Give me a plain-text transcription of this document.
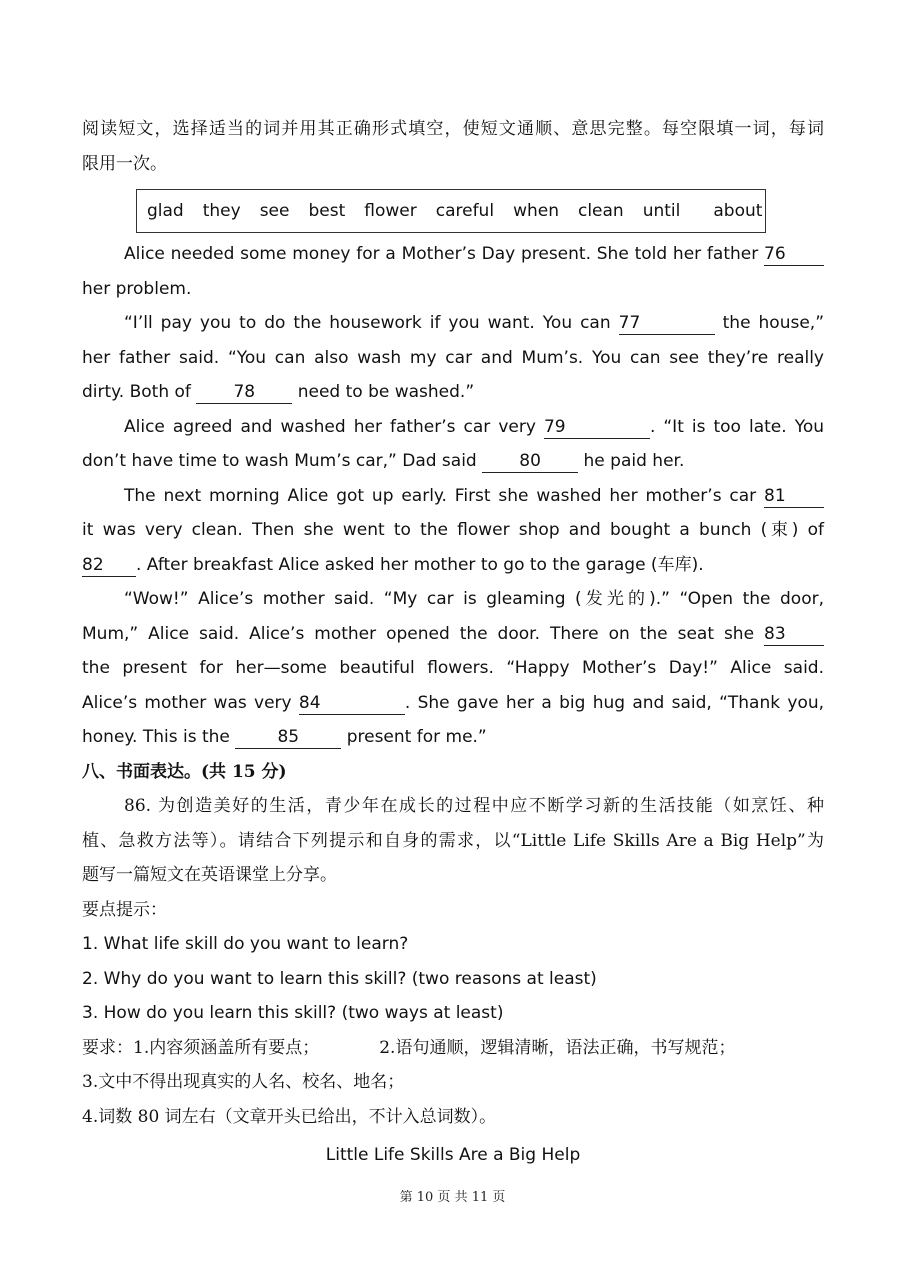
阅读短文，选择适当的词并用其正确形式填空，使短文通顺、意思完整。每空限填一词，每词

限用一次。

glad they see best flower careful when clean until about

Alice needed some money for a Mother’s Day present. She told her father 76

her problem.

“I’ll pay you to do the housework if you want. You can 77	the house,”

her father said. “You can also wash my car and Mum’s. You can see they’re really

dirty. Both of	78	need to be washed.”

Alice agreed and washed her father’s car very 79	. “It is too late. You

don’t have time to wash Mum’s car,” Dad said	80	he paid her.

The next morning Alice got up early. First she washed her mother’s car 81

it was very clean. Then she went to the flower shop and bought a bunch (束) of

82 . After breakfast Alice asked her mother to go to the garage (车库).

“Wow!” Alice’s mother said. “My car is gleaming (发光的).” “Open the door,

Mum,” Alice said. Alice’s mother opened the door. There on the seat she 83

the present for her—some beautiful flowers. “Happy Mother’s Day!” Alice said.

Alice’s mother was very 84	. She gave her a big hug and said, “Thank you,

honey. This is the	85	present for me.”

八、书面表达。(共 15 分)

86. 为创造美好的生活，青少年在成长的过程中应不断学习新的生活技能（如烹饪、种

植、急救方法等）。请结合下列提示和自身的需求，以“Little Life Skills Are a Big Help”为

题写一篇短文在英语课堂上分享。

要点提示：

1. What life skill do you want to learn?

2. Why do you want to learn this skill? (two reasons at least)

3. How do you learn this skill? (two ways at least)

要求：1.内容须涵盖所有要点；	2.语句通顺，逻辑清晰，语法正确，书写规范；

3.文中不得出现真实的人名、校名、地名；

4.词数 80 词左右（文章开头已给出，不计入总词数）。

Little Life Skills Are a Big Help

第 10 页 共 11 页
